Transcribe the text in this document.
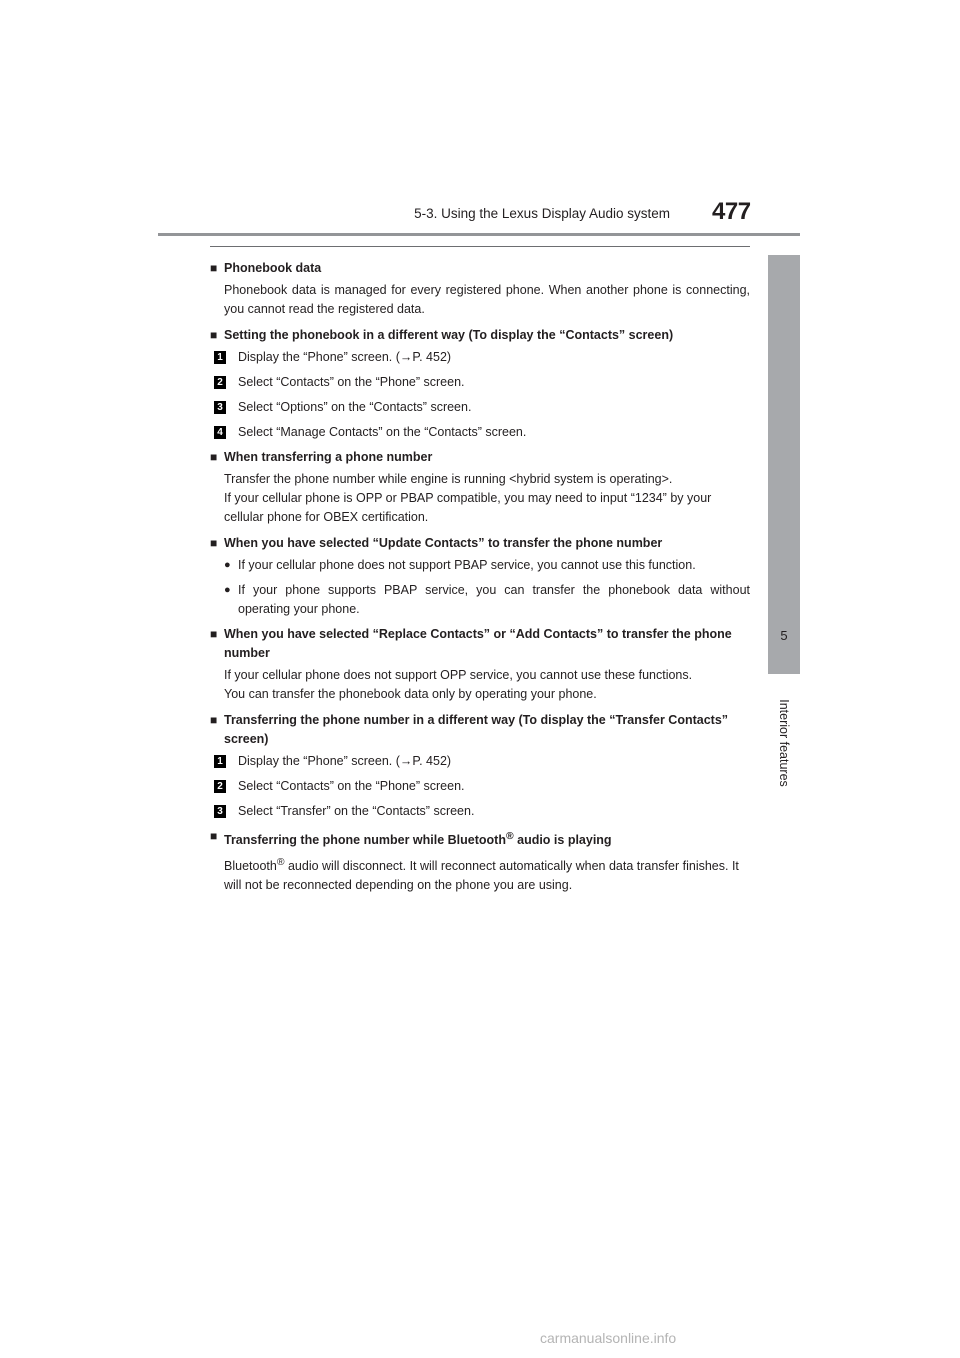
5-3. Using the Lexus Display Audio system 477
5
Interior features
■ Phonebook data
Phonebook data is managed for every registered phone. When another phone is connecting, you cannot read the registered data.
■ Setting the phonebook in a different way (To display the “Contacts” screen)
1 Display the “Phone” screen. (→P. 452)
2 Select “Contacts” on the “Phone” screen.
3 Select “Options” on the “Contacts” screen.
4 Select “Manage Contacts” on the “Contacts” screen.
■ When transferring a phone number
Transfer the phone number while engine is running <hybrid system is operating>.
If your cellular phone is OPP or PBAP compatible, you may need to input “1234” by your cellular phone for OBEX certification.
■ When you have selected “Update Contacts” to transfer the phone number
● If your cellular phone does not support PBAP service, you cannot use this function.
● If your phone supports PBAP service, you can transfer the phonebook data without operating your phone.
■ When you have selected “Replace Contacts” or “Add Contacts” to transfer the phone number
If your cellular phone does not support OPP service, you cannot use these functions.
You can transfer the phonebook data only by operating your phone.
■ Transferring the phone number in a different way (To display the “Transfer Contacts” screen)
1 Display the “Phone” screen. (→P. 452)
2 Select “Contacts” on the “Phone” screen.
3 Select “Transfer” on the “Contacts” screen.
■ Transferring the phone number while Bluetooth® audio is playing
Bluetooth® audio will disconnect. It will reconnect automatically when data transfer finishes. It will not be reconnected depending on the phone you are using.
carmanualsonline.info
